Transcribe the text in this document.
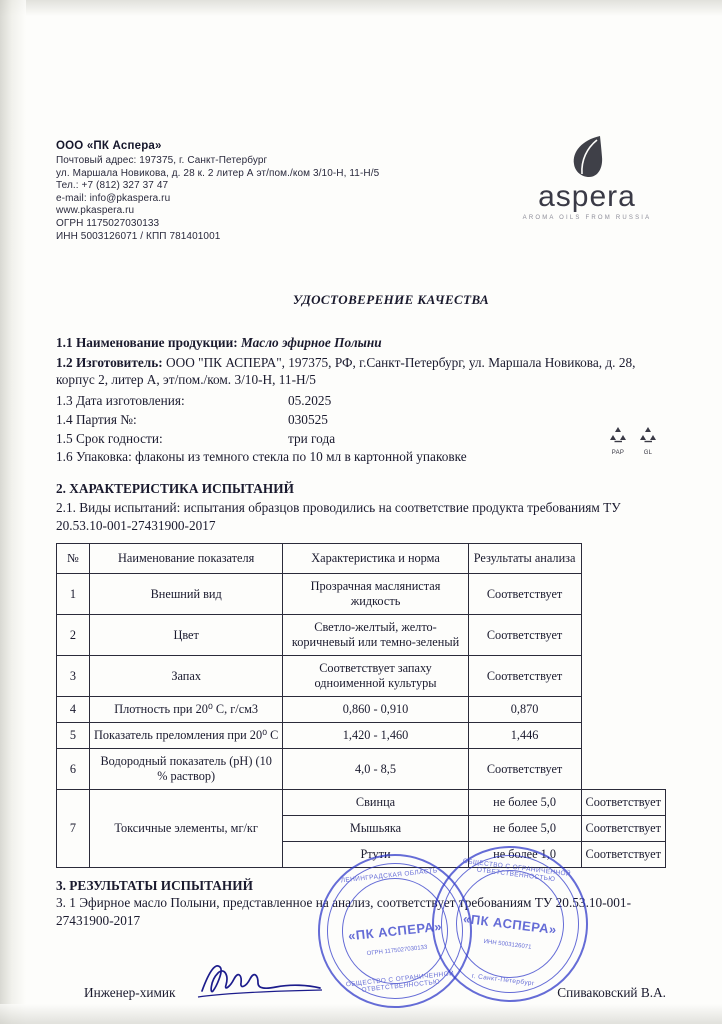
ООО «ПК Аспера»
Почтовый адрес: 197375, г. Санкт-Петербург
ул. Маршала Новикова, д. 28 к. 2 литер А эт/пом./ком 3/10-Н, 11-Н/5
Тел.: +7 (812) 327 37 47
e-mail: info@pkaspera.ru
www.pkaspera.ru
ОГРН 1175027030133
ИНН 5003126071 / КПП 781401001
aspera
AROMA OILS FROM RUSSIA
УДОСТОВЕРЕНИЕ КАЧЕСТВА
1.1 Наименование продукции: Масло эфирное Полыни
1.2 Изготовитель: ООО "ПК АСПЕРА", 197375, РФ, г.Санкт-Петербург, ул. Маршала Новикова, д. 28, корпус 2, литер А, эт/пом./ком. 3/10-Н, 11-Н/5
1.3 Дата изготовления:	05.2025
1.4 Партия №:	030525
1.5 Срок годности:	три года
1.6 Упаковка: флаконы из темного стекла по 10 мл в картонной упаковке
2. ХАРАКТЕРИСТИКА ИСПЫТАНИЙ
2.1. Виды испытаний: испытания образцов проводились на соответствие продукта требованиям ТУ 20.53.10-001-27431900-2017
№	Наименование показателя	Характеристика и норма	Результаты анализа	
1	Внешний вид	Прозрачная маслянистая жидкость	Соответствует	
2	Цвет	Светло-желтый, желто-коричневый или темно-зеленый	Соответствует	
3	Запах	Соответствует запаху одноименной культуры	Соответствует	
4	Плотность при 20⁰ С, г/см3	0,860 - 0,910	0,870	
5	Показатель преломления при 20⁰ С	1,420 - 1,460	1,446	
6	Водородный показатель (рН) (10 % раствор)	4,0 - 8,5	Соответствует	
7	Токсичные элементы, мг/кг	Свинца	не более 5,0	Соответствует
		Мышьяка	не более 5,0	Соответствует
		Ртути	не более 1,0	Соответствует
3. РЕЗУЛЬТАТЫ ИСПЫТАНИЙ
3. 1 Эфирное масло Полыни, представленное на анализ, соответствует требованиям ТУ 20.53.10-001-27431900-2017
Инженер-химик	Спиваковский В.А.
PAP	GL
ЛЕНИНГРАДСКАЯ ОБЛАСТЬ
«ПК АСПЕРА»
ОГРН 1175027030133
ОБЩЕСТВО С ОГРАНИЧЕННОЙ ОТВЕТСТВЕННОСТЬЮ
ОБЩЕСТВО С ОГРАНИЧЕННОЙ ОТВЕТСТВЕННОСТЬЮ
«ПК АСПЕРА»
ИНН 5003126071
г. Санкт-Петербург
